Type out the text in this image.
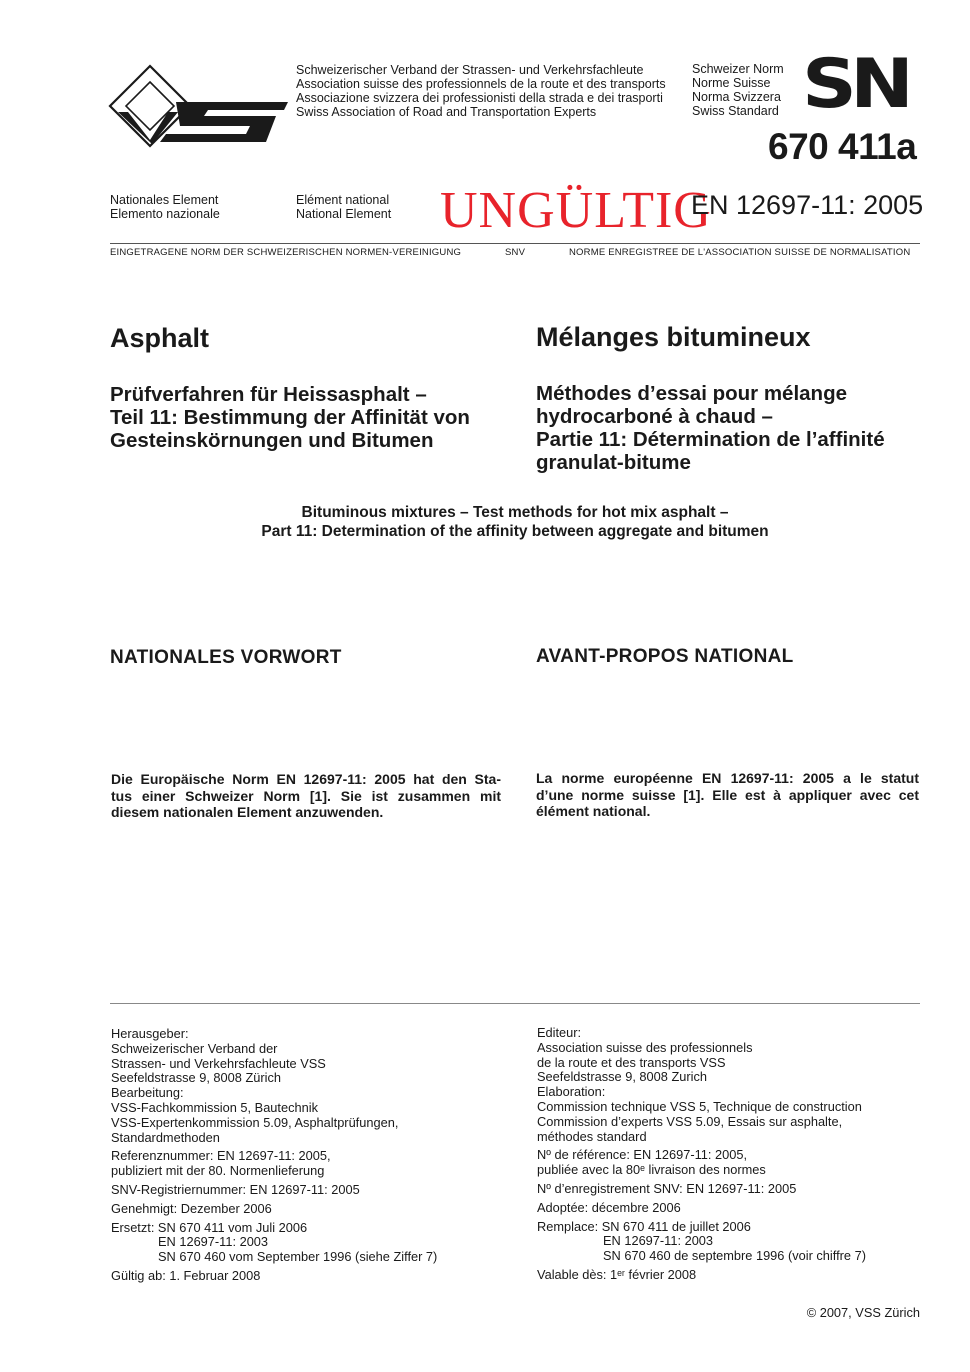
Schweizerischer Verband der Strassen- und Verkehrsfachleute
Association suisse des professionnels de la route et des transports
Associazione svizzera dei professionisti della strada e dei trasporti
Swiss Association of Road and Transportation Experts
Schweizer Norm
Norme Suisse
Norma Svizzera
Swiss Standard SN
670 411a
Nationales Element
Elemento nazionale
Elément national
National Element UNGÜLTIG
EN 12697-11: 2005
EINGETRAGENE NORM DER SCHWEIZERISCHEN NORMEN-VEREINIGUNG	SNV	NORME ENREGISTREE DE L'ASSOCIATION SUISSE DE NORMALISATION
Asphalt	Mélanges bitumineux
Prüfverfahren für Heissasphalt –
Teil 11: Bestimmung der Affinität von
Gesteinskörnungen und Bitumen
Méthodes d’essai pour mélange
hydrocarboné à chaud –
Partie 11: Détermination de l’affinité
granulat-bitume
Bituminous mixtures – Test methods for hot mix asphalt –
Part 11: Determination of the affinity between aggregate and bitumen
NATIONALES VORWORT	AVANT-PROPOS NATIONAL
Die Europäische Norm EN 12697-11: 2005 hat den Sta-
tus einer Schweizer Norm [1]. Sie ist zusammen mit
diesem nationalen Element anzuwenden.
La norme européenne EN 12697-11: 2005 a le statut
d’une norme suisse [1]. Elle est à appliquer avec cet
élément national.
Herausgeber:
Schweizerischer Verband der
Strassen- und Verkehrsfachleute VSS
Seefeldstrasse 9, 8008 Zürich
Bearbeitung:
VSS-Fachkommission 5, Bautechnik
VSS-Expertenkommission 5.09, Asphaltprüfungen,
Standardmethoden
Referenznummer: EN 12697-11: 2005,
publiziert mit der 80. Normenlieferung
SNV-Registriernummer: EN 12697-11: 2005
Genehmigt: Dezember 2006
Ersetzt: SN 670 411 vom Juli 2006
EN 12697-11: 2003
SN 670 460 vom September 1996 (siehe Ziffer 7)
Gültig ab: 1. Februar 2008
Editeur:
Association suisse des professionnels
de la route et des transports VSS
Seefeldstrasse 9, 8008 Zurich
Elaboration:
Commission technique VSS 5, Technique de construction
Commission d’experts VSS 5.09, Essais sur asphalte,
méthodes standard
Nº de référence: EN 12697-11: 2005,
publiée avec la 80ᵉ livraison des normes
Nº d’enregistrement SNV: EN 12697-11: 2005
Adoptée: décembre 2006
Remplace: SN 670 411 de juillet 2006
EN 12697-11: 2003
SN 670 460 de septembre 1996 (voir chiffre 7)
Valable dès: 1ᵉʳ février 2008
© 2007, VSS Zürich
